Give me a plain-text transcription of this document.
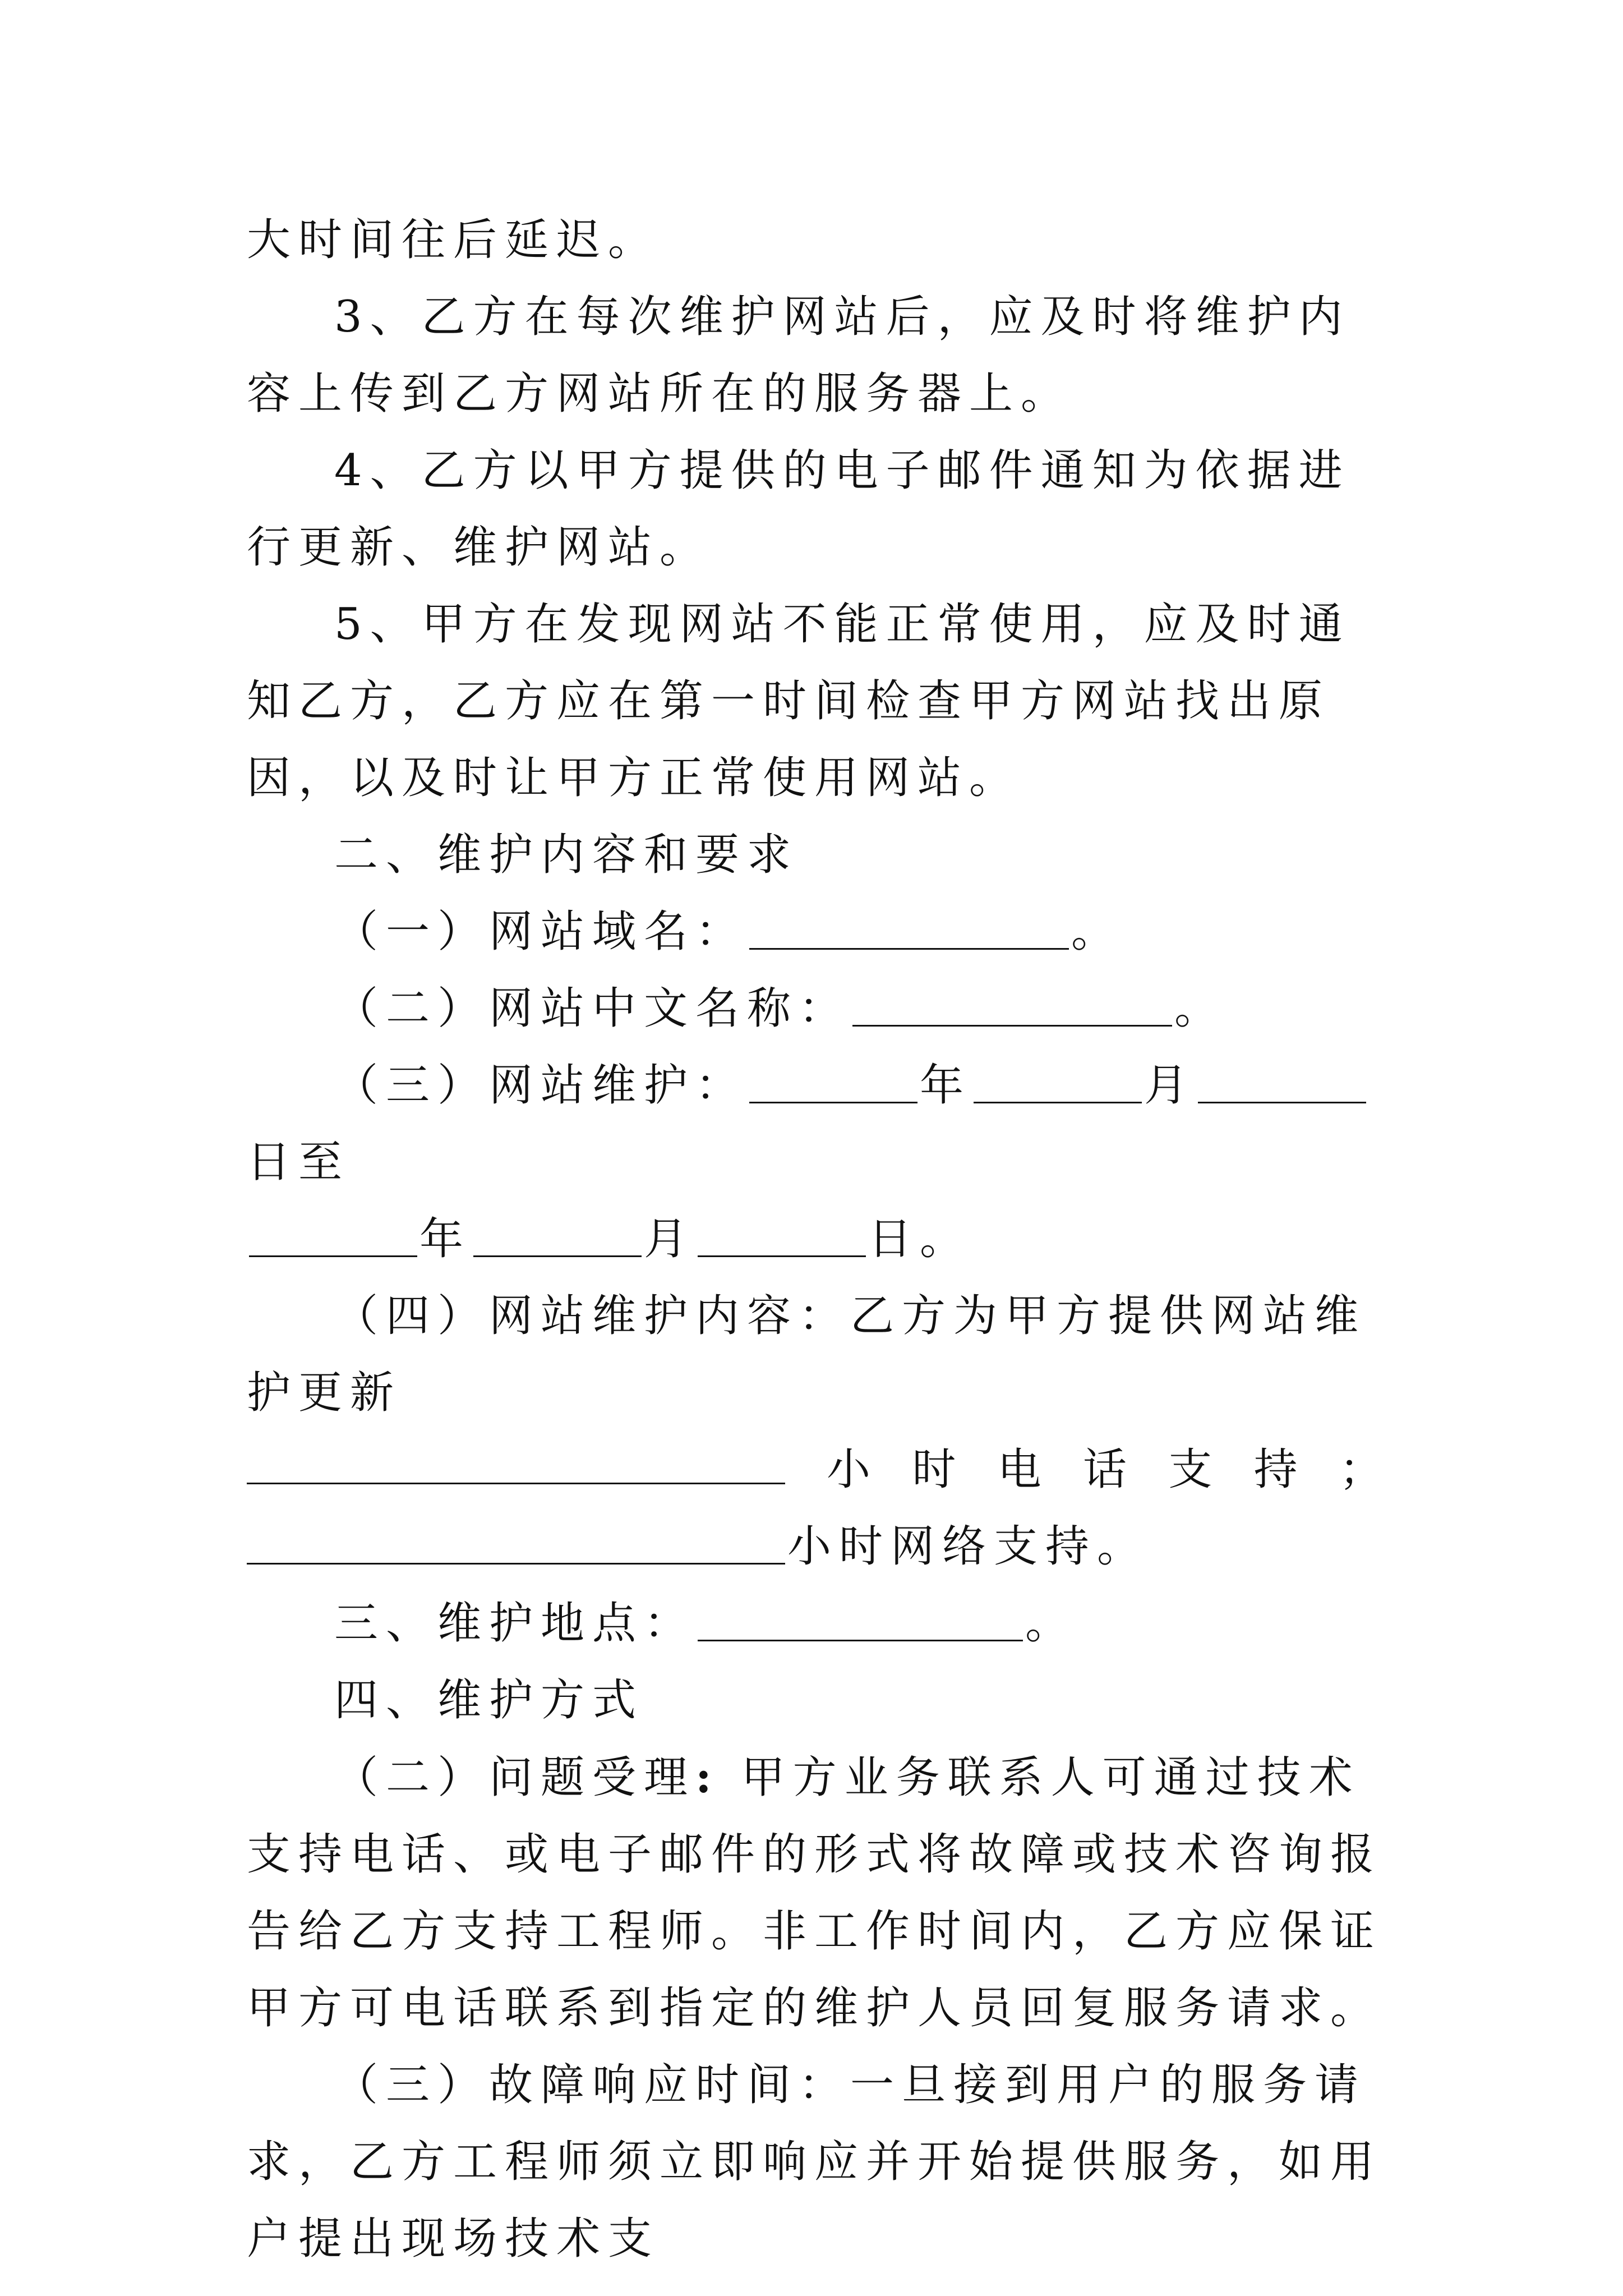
大时间往后延迟。

3、乙方在每次维护网站后，应及时将维护内容上传到乙方网站所在的服务器上。

4、乙方以甲方提供的电子邮件通知为依据进行更新、维护网站。

5、甲方在发现网站不能正常使用，应及时通知乙方，乙方应在第一时间检查甲方网站找出原因，以及时让甲方正常使用网站。

二、维护内容和要求

（一）网站域名：	。

（二）网站中文名称：	。

（三）网站维护：	年	月日至

年	月	日。

（四）网站维护内容：乙方为甲方提供网站维护更新

小 时 电 话 支 持 ；

小时网络支持。

三、维护地点：	。

四、维护方式

（二）问题受理: 甲方业务联系人可通过技术支持电话、或电子邮件的形式将故障或技术咨询报告给乙方支持工程师。非工作时间内，乙方应保证甲方可电话联系到指定的维护人员回复服务请求。

（三）故障响应时间：一旦接到用户的服务请求，乙方工程师须立即响应并开始提供服务，如用户提出现场技术支
